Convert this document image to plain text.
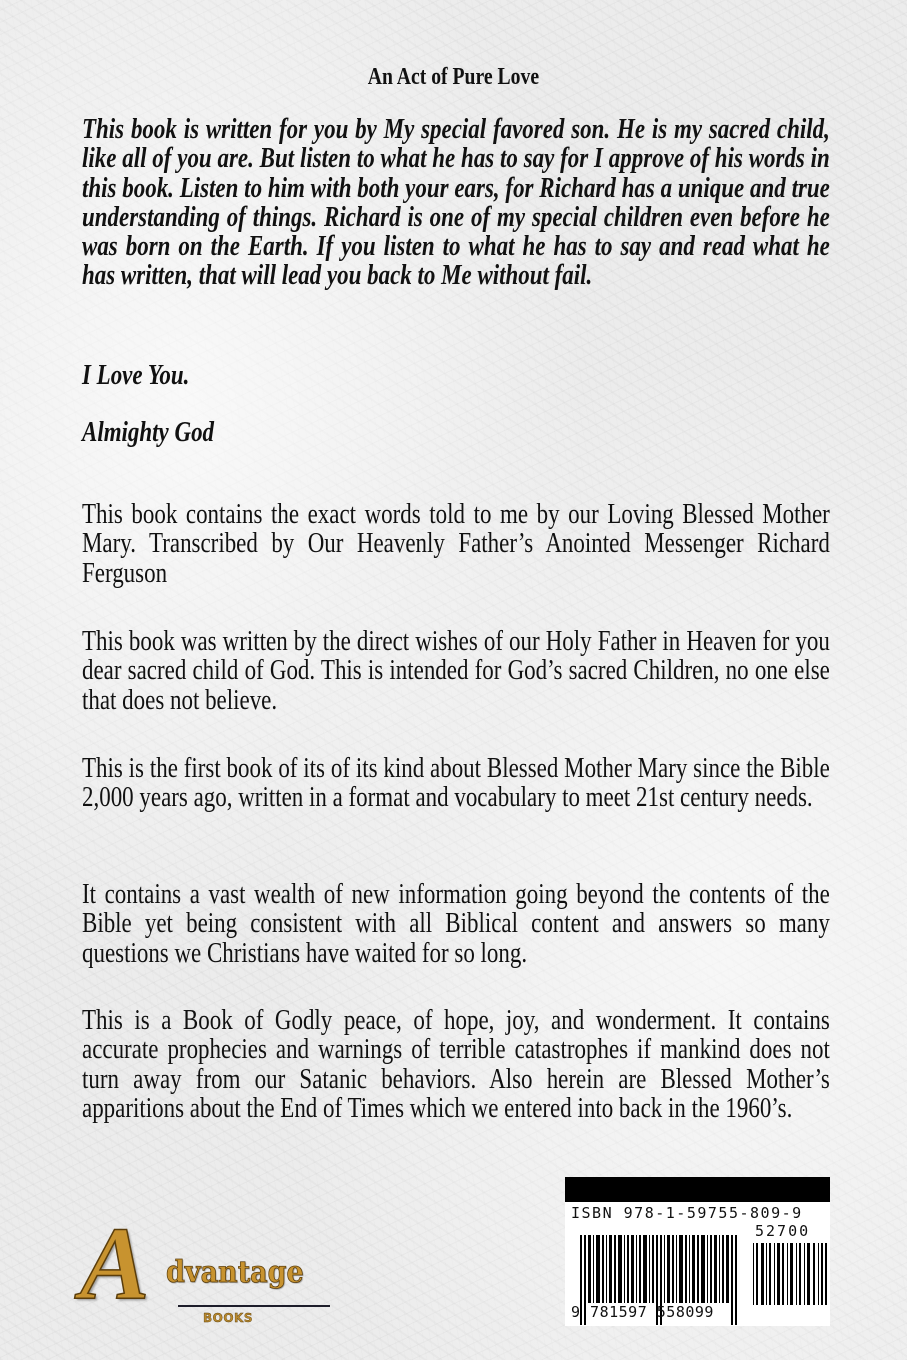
An Act of Pure Love
This book is written for you by My special favored son. He is my sacred child, like all of you are. But listen to what he has to say for I approve of his words in this book. Listen to him with both your ears, for Richard has a unique and true understanding of things. Richard is one of my special children even before he was born on the Earth. If you listen to what he has to say and read what he has written, that will lead you back to Me without fail.
I Love You.
Almighty God
This book contains the exact words told to me by our Loving Blessed Mother Mary. Transcribed by Our Heavenly Father’s Anointed Messenger Richard Ferguson
This book was written by the direct wishes of our Holy Father in Heaven for you dear sacred child of God. This is intended for God’s sacred Children, no one else that does not believe.
This is the first book of its of its kind about Blessed Mother Mary since the Bible 2,000 years ago, written in a format and vocabulary to meet 21st century needs.
It contains a vast wealth of new information going beyond the contents of the Bible yet being consistent with all Biblical content and answers so many questions we Christians have waited for so long.
This is a Book of Godly peace, of hope, joy, and wonderment. It contains accurate prophecies and warnings of terrible catastrophes if mankind does not turn away from our Satanic behaviors. Also herein are Blessed Mother’s apparitions about the End of Times which we entered into back in the 1960’s.
A dvantage
BOOKS
ISBN 978-1-59755-809-9
52700
9 781597 558099
